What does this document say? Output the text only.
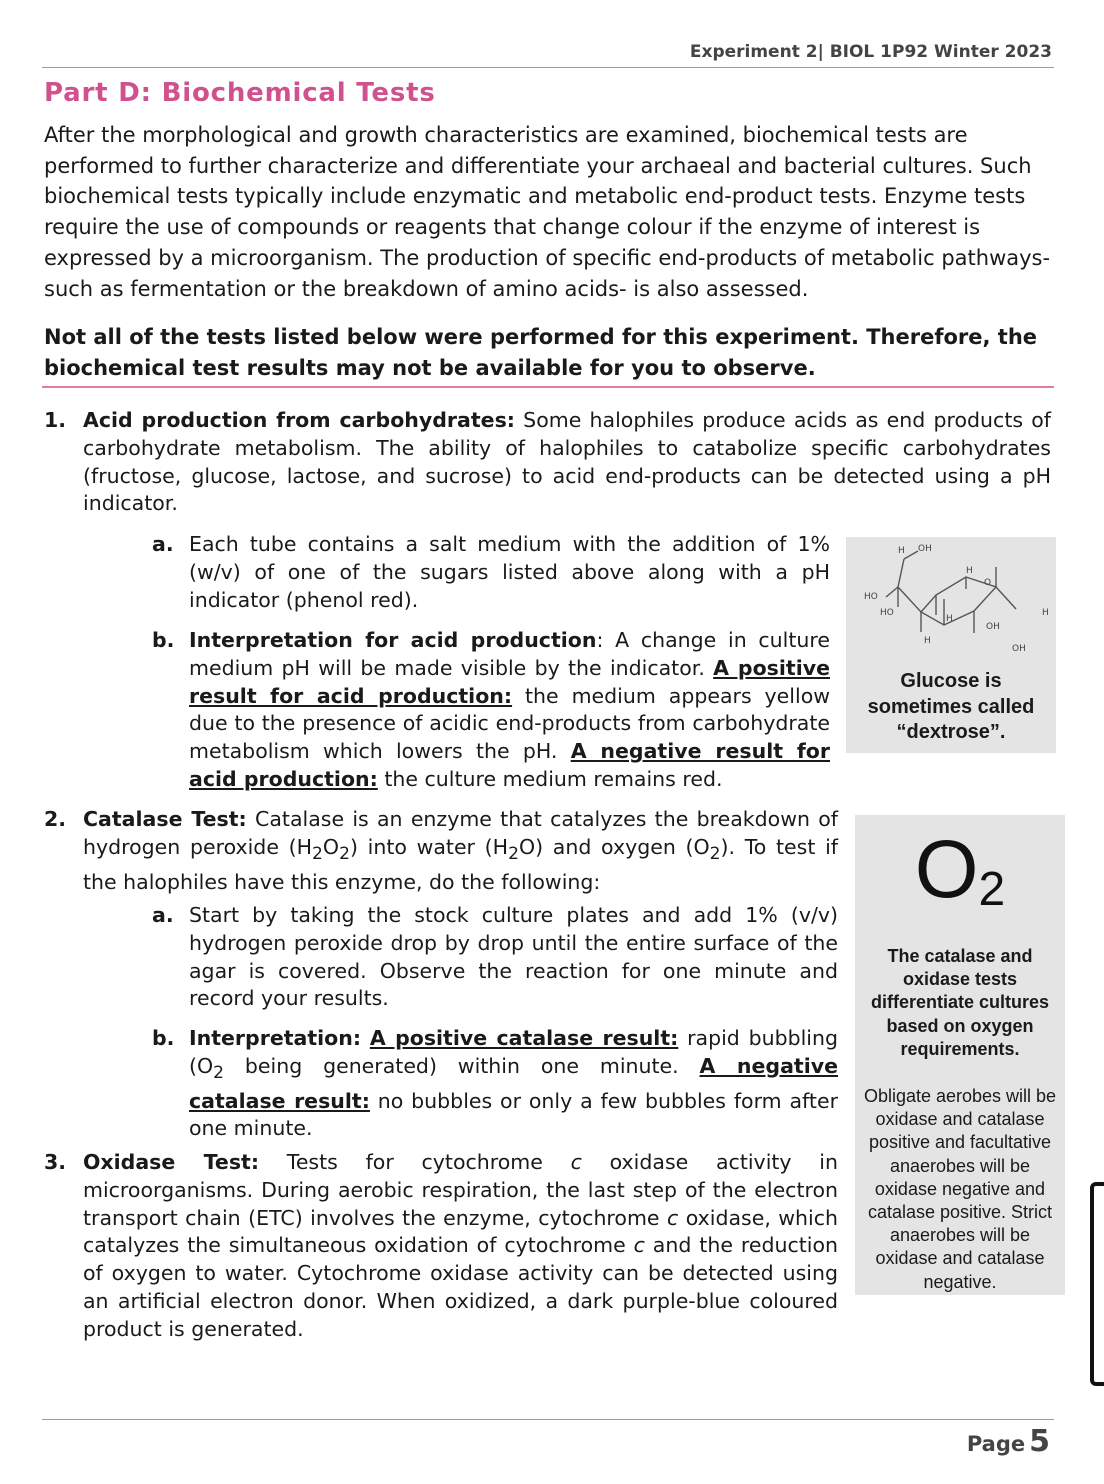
Experiment 2| BIOL 1P92 Winter 2023
Part D: Biochemical Tests

After the morphological and growth characteristics are examined, biochemical tests are performed to further characterize and differentiate your archaeal and bacterial cultures. Such biochemical tests typically include enzymatic and metabolic end-product tests. Enzyme tests require the use of compounds or reagents that change colour if the enzyme of interest is expressed by a microorganism. The production of specific end-products of metabolic pathways- such as fermentation or the breakdown of amino acids- is also assessed.

Not all of the tests listed below were performed for this experiment. Therefore, the biochemical test results may not be available for you to observe.

1. Acid production from carbohydrates: Some halophiles produce acids as end products of carbohydrate metabolism. The ability of halophiles to catabolize specific carbohydrates (fructose, glucose, lactose, and sucrose) to acid end-products can be detected using a pH indicator.

a. Each tube contains a salt medium with the addition of 1% (w/v) of one of the sugars listed above along with a pH indicator (phenol red).

b. Interpretation for acid production: A change in culture medium pH will be made visible by the indicator. A positive result for acid production: the medium appears yellow due to the presence of acidic end-products from carbohydrate metabolism which lowers the pH. A negative result for acid production: the culture medium remains red.

H OH
H
O
HO
HO
H
OH
H
H
OH
Glucose is sometimes called “dextrose”.
2. Catalase Test: Catalase is an enzyme that catalyzes the breakdown of hydrogen peroxide $(H_2O_2)$ into water $(H_2O)$ and oxygen $(O_2)$. To test if the halophiles have this enzyme, do the following:

a. Start by taking the stock culture plates and add 1% (v/v) hydrogen peroxide drop by drop until the entire surface of the agar is covered. Observe the reaction for one minute and record your results.

b. Interpretation: A positive catalase result: rapid bubbling ($O_2$ being generated) within one minute. A negative catalase result: no bubbles or only a few bubbles form after one minute.

$O_2$
The catalase and oxidase tests differentiate cultures based on oxygen requirements.
Obligate aerobes will be oxidase and catalase positive and facultative anaerobes will be oxidase negative and catalase positive. Strict anaerobes will be oxidase and catalase negative.
3. Oxidase Test: Tests for cytochrome c oxidase activity in microorganisms. During aerobic respiration, the last step of the electron transport chain (ETC) involves the enzyme, cytochrome c oxidase, which catalyzes the simultaneous oxidation of cytochrome c and the reduction of oxygen to water. Cytochrome oxidase activity can be detected using an artificial electron donor. When oxidized, a dark purple-blue coloured product is generated.

Page 5
